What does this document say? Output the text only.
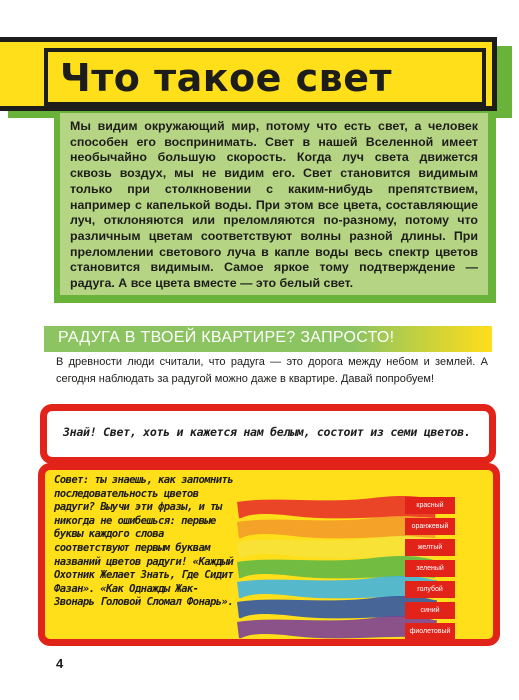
Что такое свет

Мы видим окружающий мир, потому что есть свет, а человек способен его воспринимать. Свет в нашей Вселенной имеет необычайно большую скорость. Когда луч света движется сквозь воздух, мы не видим его. Свет становится видимым только при столкновении с каким-нибудь препятствием, например с капелькой воды. При этом все цвета, составляющие луч, отклоняются или преломляются по-разному, потому что различным цветам соответствуют волны разной длины. При преломлении светового луча в капле воды весь спектр цветов становится видимым. Самое яркое тому подтверждение — радуга. А все цвета вместе — это белый свет.

РАДУГА В ТВОЕЙ КВАРТИРЕ? ЗАПРОСТО!

В древности люди считали, что радуга — это дорога между небом и землей. А сегодня наблюдать за радугой можно даже в квартире. Давай попробуем!

Знай! Свет, хоть и кажется нам белым, состоит из семи цветов.

Совет: ты знаешь, как запомнить последовательность цветов радуги? Выучи эти фразы, и ты никогда не ошибешься: первые буквы каждого слова соответствуют первым буквам названий цветов радуги! «Каждый Охотник Желает Знать, Где Сидит Фазан». «Как Однажды Жак-Звонарь Головой Сломал Фонарь».

красный
оранжевый
желтый
зеленый
голубой
синий
фиолетовый
4
